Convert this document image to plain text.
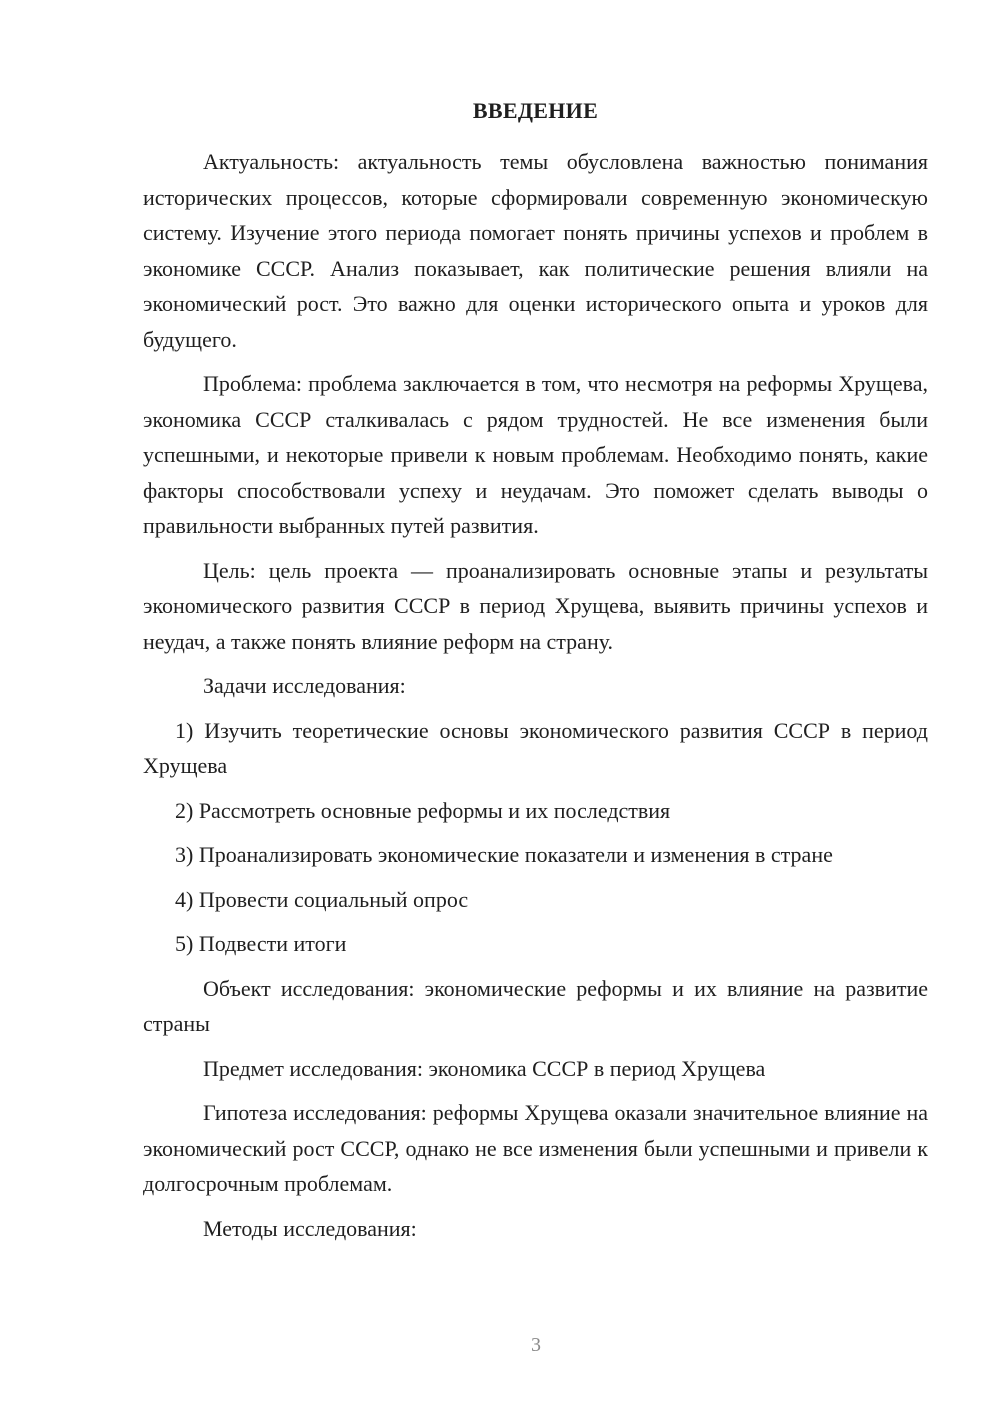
ВВЕДЕНИЕ

Актуальность: актуальность темы обусловлена важностью понимания исторических процессов, которые сформировали современную экономическую систему. Изучение этого периода помогает понять причины успехов и проблем в экономике СССР. Анализ показывает, как политические решения влияли на экономический рост. Это важно для оценки исторического опыта и уроков для будущего.

Проблема: проблема заключается в том, что несмотря на реформы Хрущева, экономика СССР сталкивалась с рядом трудностей. Не все изменения были успешными, и некоторые привели к новым проблемам. Необходимо понять, какие факторы способствовали успеху и неудачам. Это поможет сделать выводы о правильности выбранных путей развития.

Цель: цель проекта — проанализировать основные этапы и результаты экономического развития СССР в период Хрущева, выявить причины успехов и неудач, а также понять влияние реформ на страну.

Задачи исследования:

1) Изучить теоретические основы экономического развития СССР в период Хрущева

2) Рассмотреть основные реформы и их последствия

3) Проанализировать экономические показатели и изменения в стране

4) Провести социальный опрос

5) Подвести итоги

Объект исследования: экономические реформы и их влияние на развитие страны

Предмет исследования: экономика СССР в период Хрущева

Гипотеза исследования: реформы Хрущева оказали значительное влияние на экономический рост СССР, однако не все изменения были успешными и привели к долгосрочным проблемам.

Методы исследования:

3
